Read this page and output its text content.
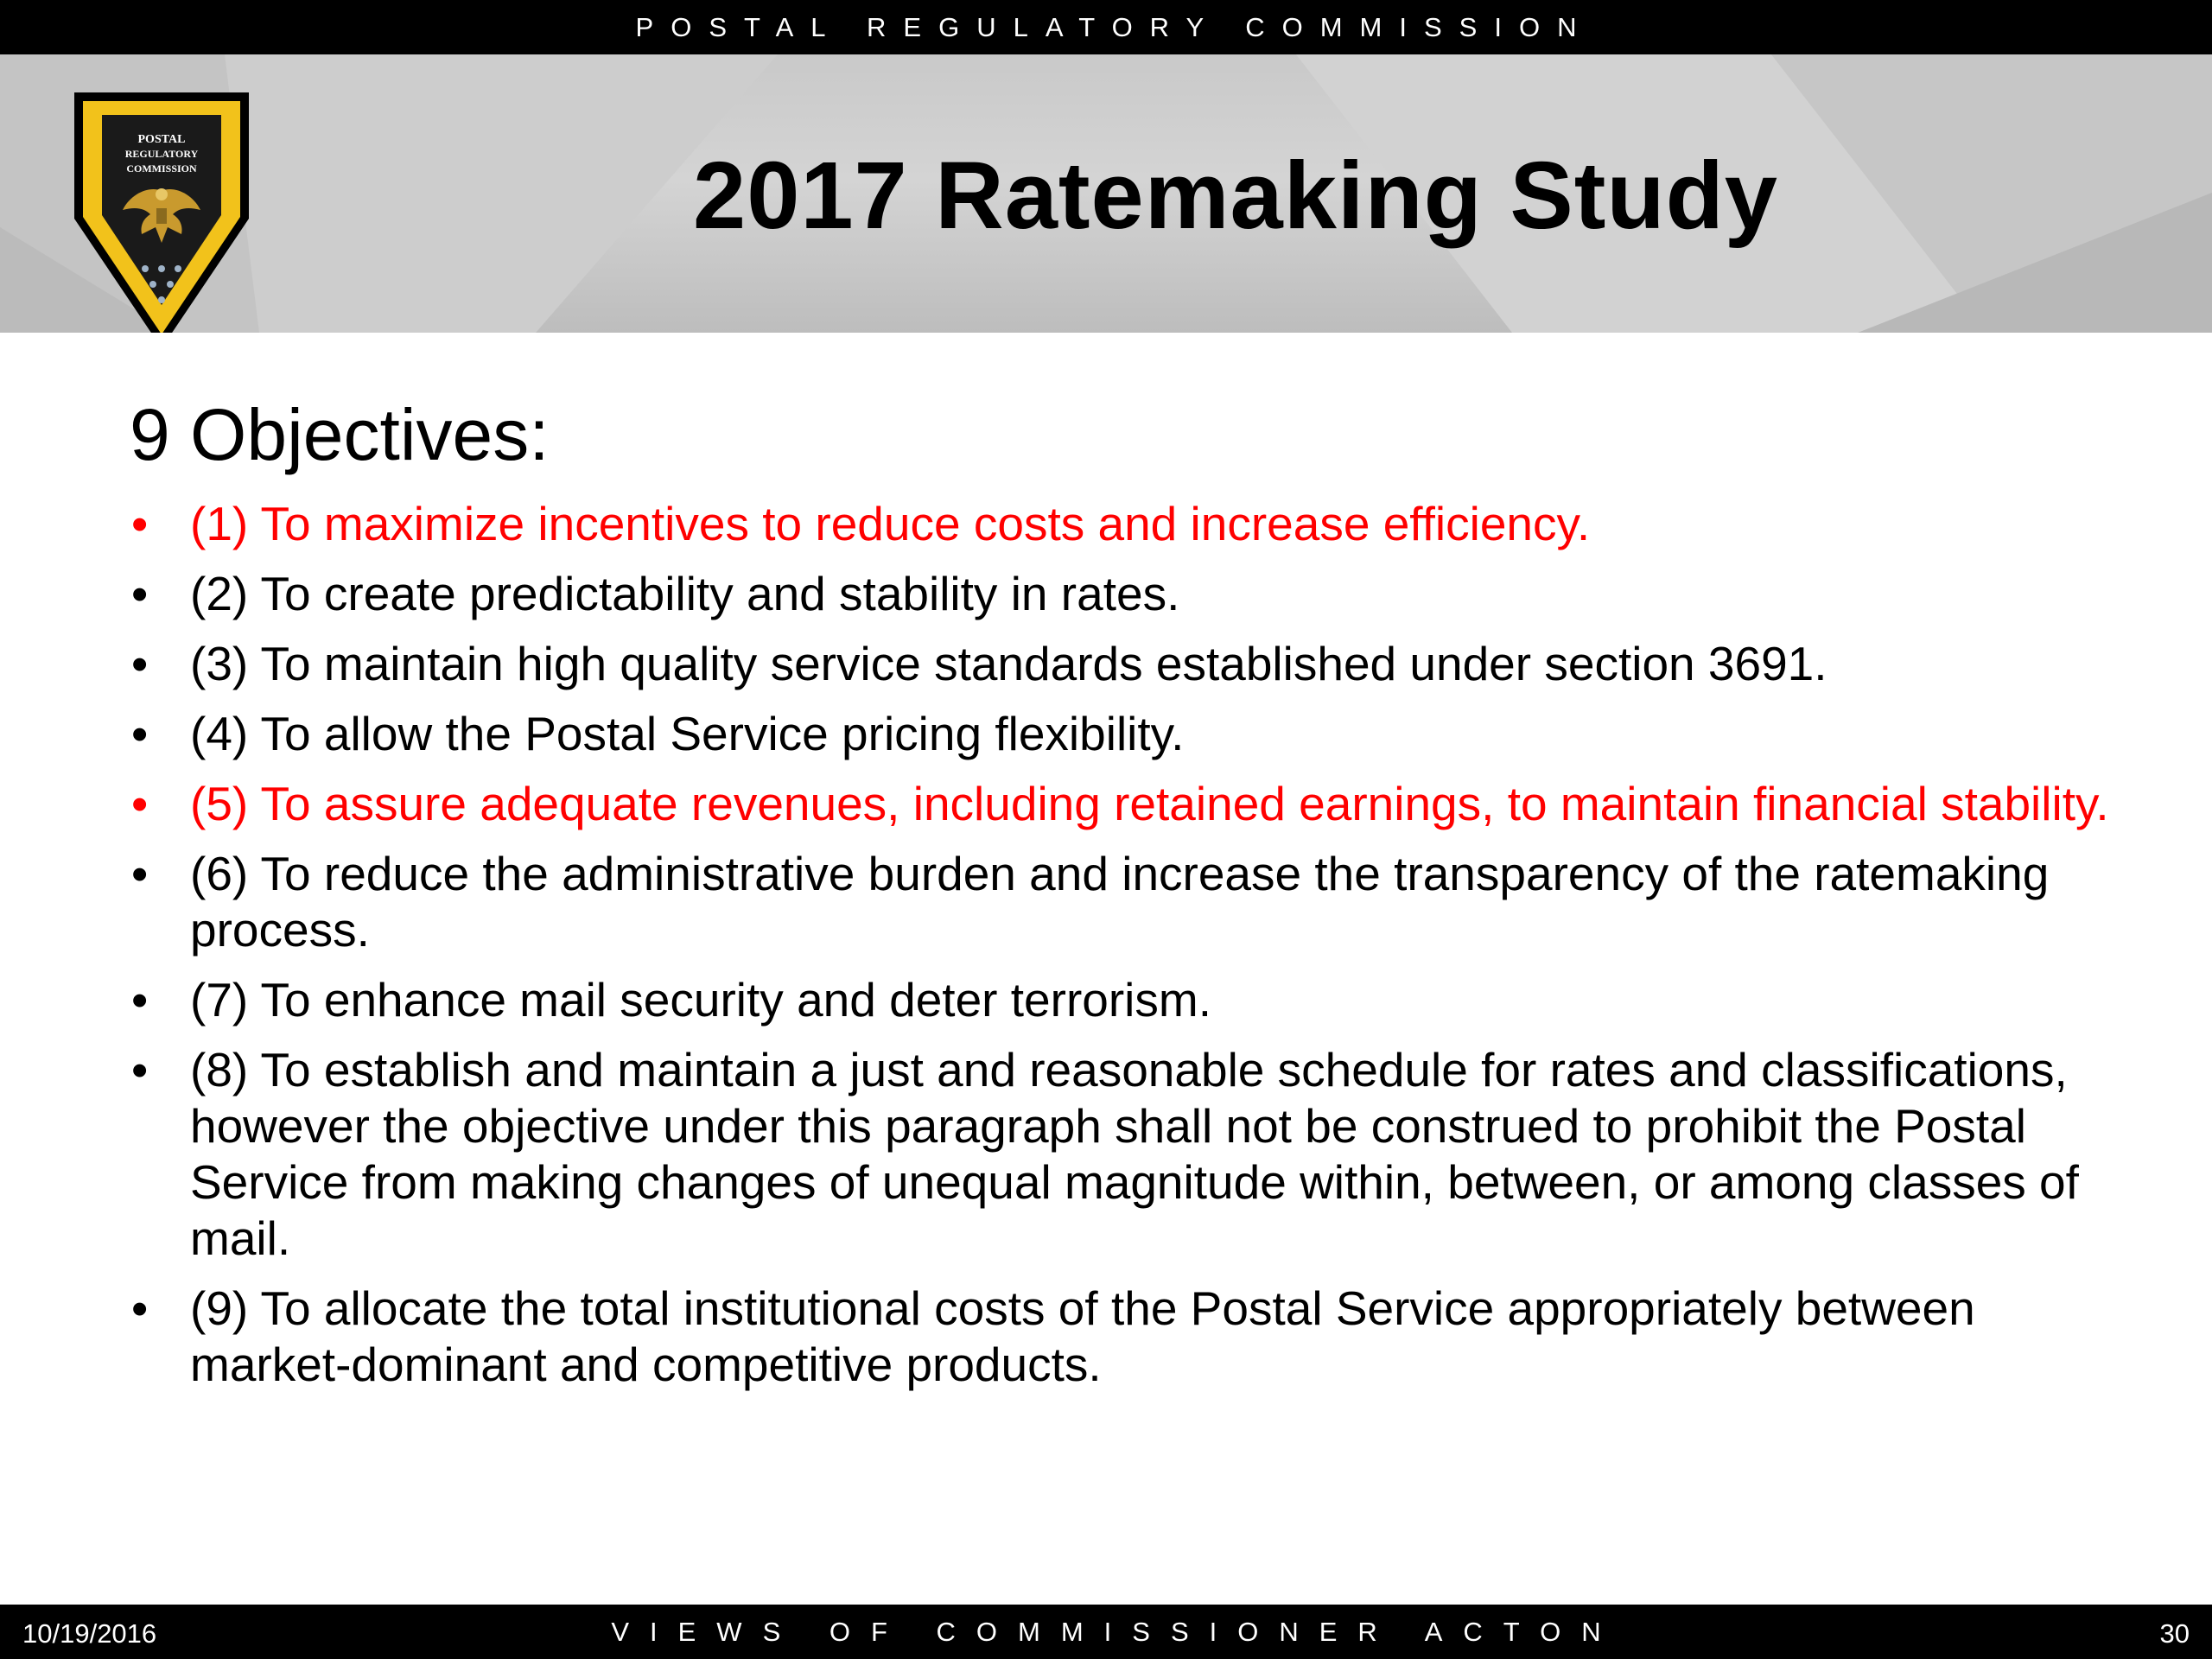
POSTAL REGULATORY COMMISSION
POSTAL
REGULATORY
COMMISSION	2017 Ratemaking Study
9 Objectives:
• (1) To maximize incentives to reduce costs and increase efficiency.
• (2) To create predictability and stability in rates.
• (3) To maintain high quality service standards established under section 3691.
• (4) To allow the Postal Service pricing flexibility.
• (5) To assure adequate revenues, including retained earnings, to maintain financial stability.
• (6) To reduce the administrative burden and increase the transparency of the ratemaking process.
• (7) To enhance mail security and deter terrorism.
• (8) To establish and maintain a just and reasonable schedule for rates and classifications, however the objective under this paragraph shall not be construed to prohibit the Postal Service from making changes of unequal magnitude within, between, or among classes of mail.
• (9) To allocate the total institutional costs of the Postal Service appropriately between market-dominant and competitive products.
10/19/2016	VIEWS OF COMMISSIONER ACTON	30
